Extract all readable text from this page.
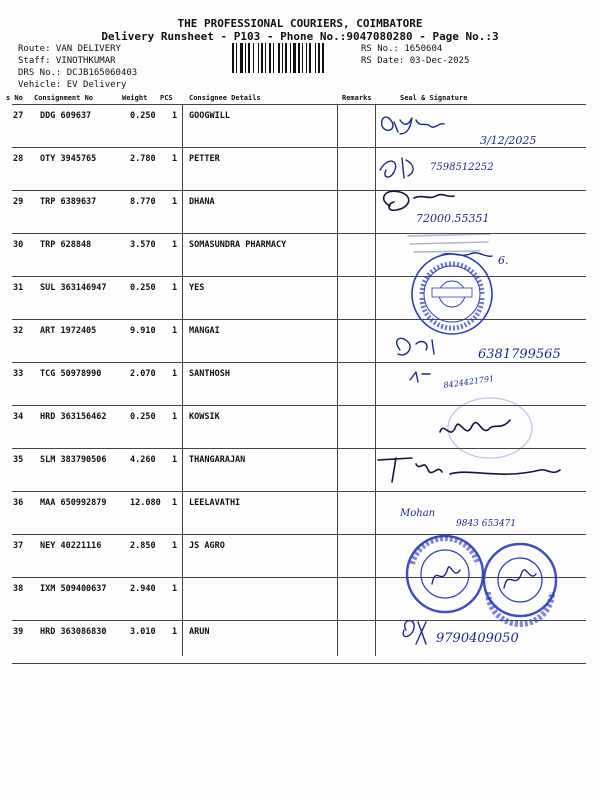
THE PROFESSIONAL COURIERS, COIMBATORE
Delivery Runsheet - P103 - Phone No.:9047080280 - Page No.:3
Route: VAN DELIVERY
Staff: VINOTHKUMAR
DRS No.: DCJB165060403
Vehicle: EV Delivery
RS No.: 1650604
RS Date: 03-Dec-2025
s No Consignment No	Weight PCS Consignee Details	Remarks	Seal & Signature
27 DDG 609637	0.250 1 GOOGWILL
28 OTY 3945765	2.780 1 PETTER
29 TRP 6389637	8.770 1 DHANA
30 TRP 628848	3.570 1 SOMASUNDRA PHARMACY
31 SUL 363146947	0.250 1 YES
32 ART 1972405	9.910 1 MANGAI
33 TCG 50978990	2.070 1 SANTHOSH
34 HRD 363156462	0.250 1 KOWSIK
35 SLM 383790506	4.260 1 THANGARAJAN
36 MAA 650992879	12.080 1 LEELAVATHI
37 NEY 40221116	2.850 1 JS AGRO
38 IXM 509400637	2.940 1
39 HRD 363086830	3.010 1 ARUN
3/12/2025
7598512252
72000.55351
6.
6381799565
8424421791
Mohan
9843 653471
9790409050
